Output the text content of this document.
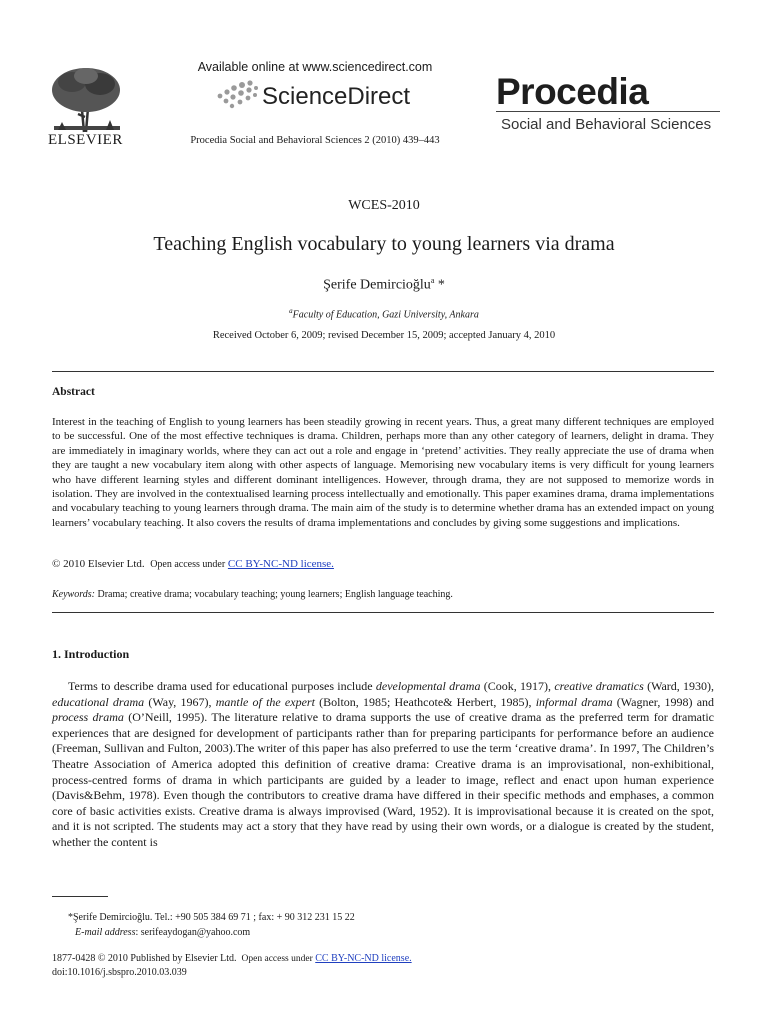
ELSEVIER
Available online at www.sciencedirect.com
ScienceDirect
Procedia Social and Behavioral Sciences 2 (2010) 439–443
Procedia
Social and Behavioral Sciences
WCES-2010
Teaching English vocabulary to young learners via drama
Şerife Demircioğlu$^a$ *
$^a$Faculty of Education, Gazi University, Ankara
Received October 6, 2009; revised December 15, 2009; accepted January 4, 2010
Abstract
Interest in the teaching of English to young learners has been steadily growing in recent years. Thus, a great many different techniques are employed to be successful. One of the most effective techniques is drama. Children, perhaps more than any other category of learners, delight in drama. They are immediately in imaginary worlds, where they can act out a role and engage in ‘pretend’ activities. They really appreciate the use of drama when they are taught a new vocabulary item along with other aspects of language. Memorising new vocabulary items is very difficult for young learners who have different learning styles and different dominant intelligences. However, through drama, they are not supposed to memorize words in isolation. They are involved in the contextualised learning process intellectually and emotionally. This paper examines drama, drama implementations and vocabulary teaching to young learners through drama. The main aim of the study is to determine whether drama has an extended impact on young learners’ vocabulary teaching. It also covers the results of drama implementations and concludes by giving some suggestions and implications.
© 2010 Elsevier Ltd. Open access under CC BY-NC-ND license.
Keywords: Drama; creative drama; vocabulary teaching; young learners; English language teaching.
1. Introduction
Terms to describe drama used for educational purposes include developmental drama (Cook, 1917), creative dramatics (Ward, 1930), educational drama (Way, 1967), mantle of the expert (Bolton, 1985; Heathcote& Herbert, 1985), informal drama (Wagner, 1998) and process drama (O’Neill, 1995). The literature relative to drama supports the use of creative drama as the preferred term for dramatic experiences that are designed for development of participants rather than for preparing participants for performance before an audience (Freeman, Sullivan and Fulton, 2003).The writer of this paper has also preferred to use the term ‘creative drama’. In 1997, The Children’s Theatre Association of America adopted this definition of creative drama: Creative drama is an improvisational, non-exhibitional, process-centred forms of drama in which participants are guided by a leader to image, reflect and enact upon human experience (Davis&Behm, 1978). Even though the contributors to creative drama have differed in their specific methods and emphases, a common core of basic activities exists. Creative drama is always improvised (Ward, 1952). It is improvisational because it is created on the spot, and it is not scripted. The students may act a story that they have read by using their own words, or a dialogue is created by the student, whether the content is
*Şerife Demircioğlu. Tel.: +90 505 384 69 71 ; fax: + 90 312 231 15 22
E-mail address: serifeaydogan@yahoo.com
1877-0428 © 2010 Published by Elsevier Ltd. Open access under CC BY-NC-ND license.
doi:10.1016/j.sbspro.2010.03.039
